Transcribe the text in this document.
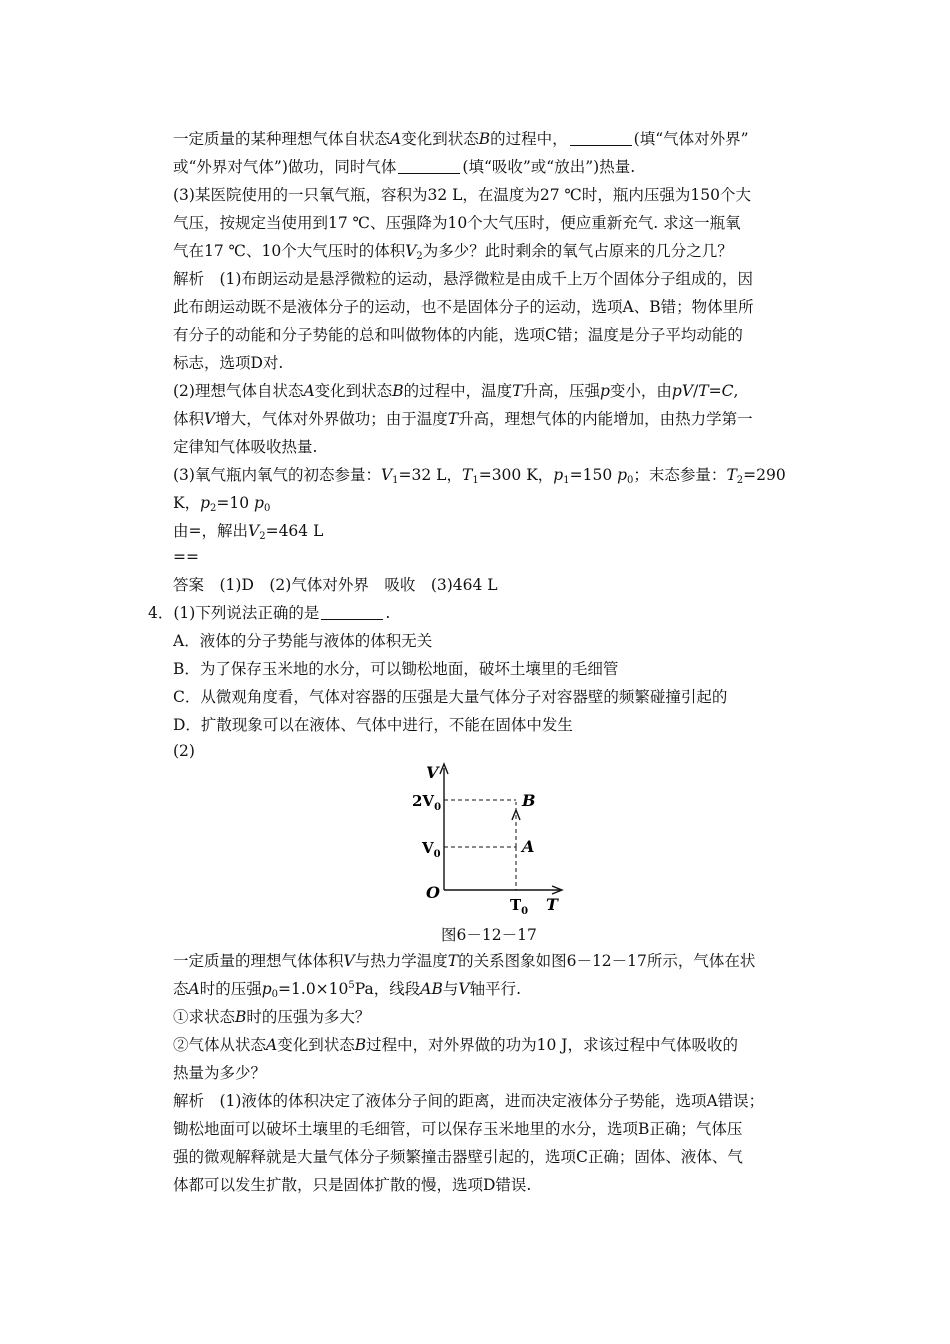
一定质量的某种理想气体自状态A变化到状态B的过程中，	(填“气体对外界”
或“外界对气体”)做功，同时气体	(填“吸收”或“放出”)热量.
(3)某医院使用的一只氧气瓶，容积为32 L，在温度为27 ℃时，瓶内压强为150个大
气压，按规定当使用到17 ℃、压强降为10个大气压时，便应重新充气. 求这一瓶氧
气在17 ℃、10个大气压时的体积$V_2$为多少？此时剩余的氧气占原来的几分之几？
解析　(1)布朗运动是悬浮微粒的运动，悬浮微粒是由成千上万个固体分子组成的，因
此布朗运动既不是液体分子的运动，也不是固体分子的运动，选项A、B错；物体里所
有分子的动能和分子势能的总和叫做物体的内能，选项C错；温度是分子平均动能的
标志，选项D对.
(2)理想气体自状态A变化到状态B的过程中，温度T升高，压强p变小，由pV/T=C,
体积V增大，气体对外界做功；由于温度T升高，理想气体的内能增加，由热力学第一
定律知气体吸收热量.
(3)氧气瓶内氧气的初态参量：$V_1=32$ L，$T_1=300$ K，$p_1=150$ $p_0$；末态参量：$T_2=290$
K，$p_2=10$ $p_0$
由=，解出$V_2=464$ L
==
答案　(1)D　(2)气体对外界　吸收　(3)464 L
4．(1)下列说法正确的是	.
A．液体的分子势能与液体的体积无关
B．为了保存玉米地的水分，可以锄松地面，破坏土壤里的毛细管
C．从微观角度看，气体对容器的压强是大量气体分子对容器壁的频繁碰撞引起的
D．扩散现象可以在液体、气体中进行，不能在固体中发生
(2)
V
T
O
$2V_0$
$V_0$
$T_0$
A
B
图6－12－17
一定质量的理想气体体积V与热力学温度T的关系图象如图6－12－17所示，气体在状
态A时的压强$p_0=1.0\times 10^5Pa$，线段AB与V轴平行.
①求状态B时的压强为多大？
②气体从状态A变化到状态B过程中，对外界做的功为10 J，求该过程中气体吸收的
热量为多少？
解析　(1)液体的体积决定了液体分子间的距离，进而决定液体分子势能，选项A错误；
锄松地面可以破坏土壤里的毛细管，可以保存玉米地里的水分，选项B正确；气体压
强的微观解释就是大量气体分子频繁撞击器壁引起的，选项C正确；固体、液体、气
体都可以发生扩散，只是固体扩散的慢，选项D错误.
